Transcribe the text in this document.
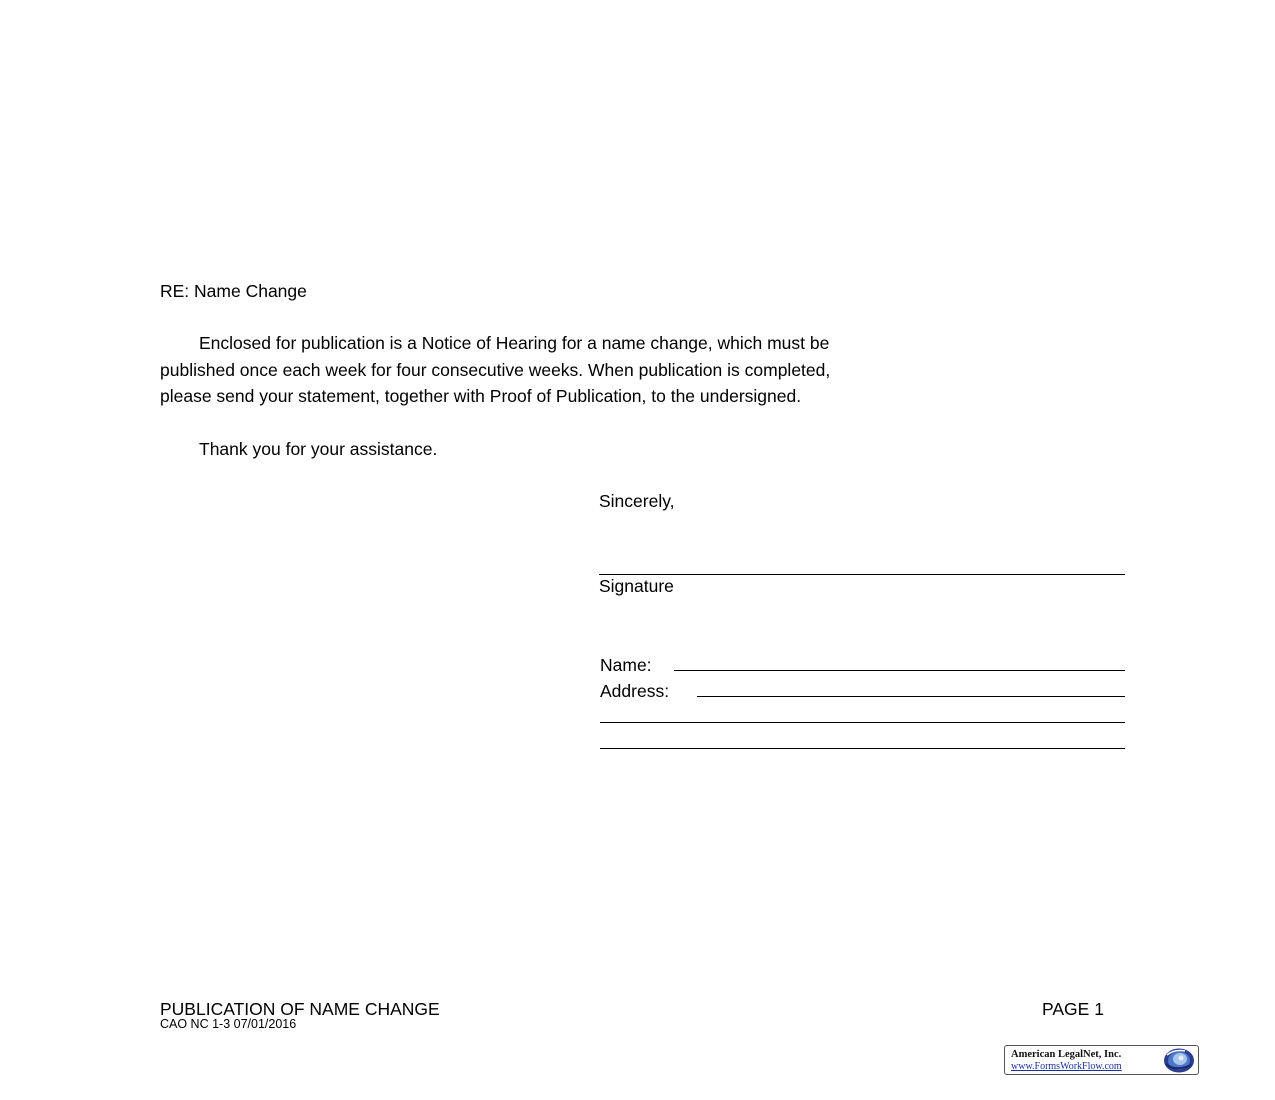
RE: Name Change
Enclosed for publication is a Notice of Hearing for a name change, which must be
published once each week for four consecutive weeks. When publication is completed,
please send your statement, together with Proof of Publication, to the undersigned.
Thank you for your assistance.
Sincerely,
Signature
Name:
Address:
PUBLICATION OF NAME CHANGE
CAO NC 1-3 07/01/2016
PAGE 1
American LegalNet, Inc.
www.FormsWorkFlow.com
